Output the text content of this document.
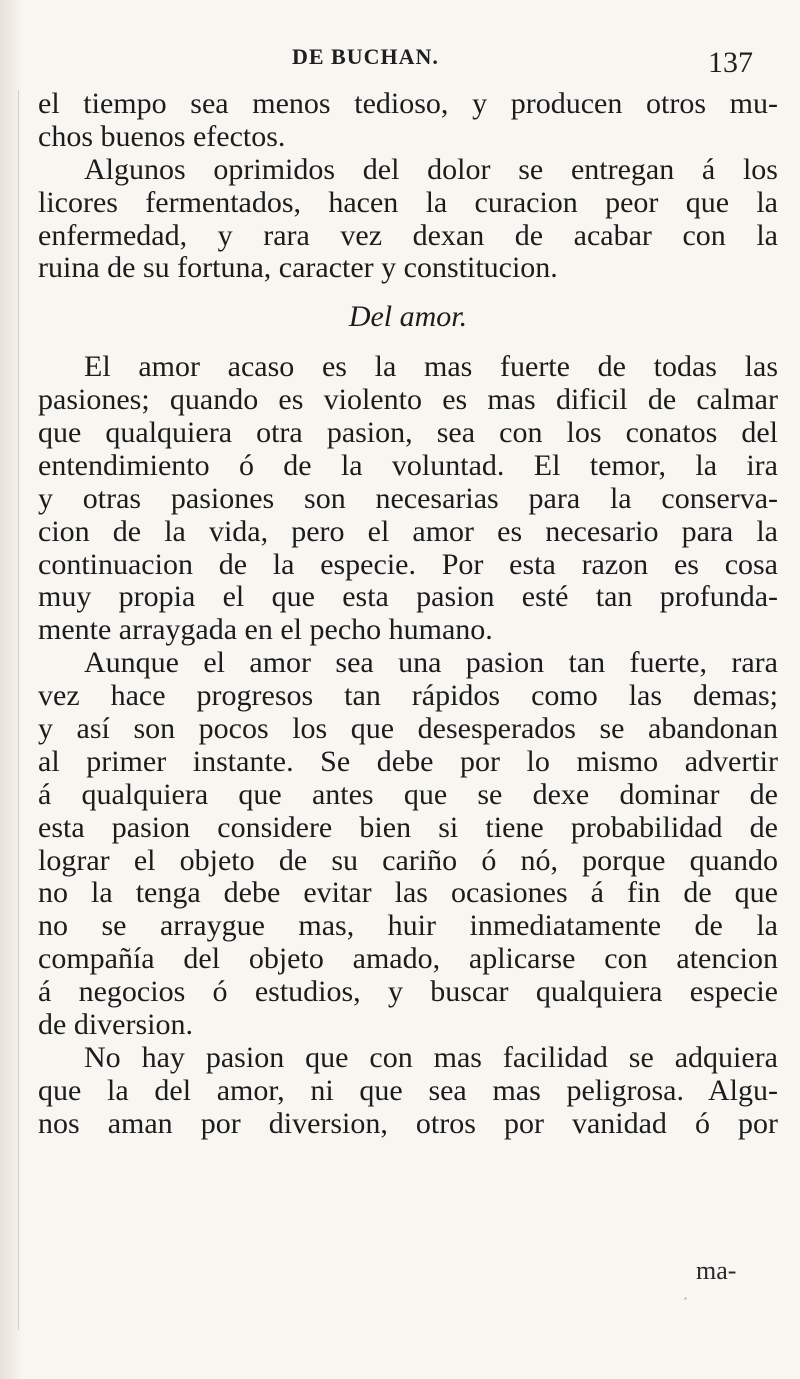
DE BUCHAN.	137
el tiempo sea menos tedioso, y producen otros mu-
chos buenos efectos.
Algunos oprimidos del dolor se entregan á los
licores fermentados, hacen la curacion peor que la
enfermedad, y rara vez dexan de acabar con la
ruina de su fortuna, caracter y constitucion.
Del amor.
El amor acaso es la mas fuerte de todas las
pasiones; quando es violento es mas dificil de calmar
que qualquiera otra pasion, sea con los conatos del
entendimiento ó de la voluntad. El temor, la ira
y otras pasiones son necesarias para la conserva-
cion de la vida, pero el amor es necesario para la
continuacion de la especie. Por esta razon es cosa
muy propia el que esta pasion esté tan profunda-
mente arraygada en el pecho humano.
Aunque el amor sea una pasion tan fuerte, rara
vez hace progresos tan rápidos como las demas;
y así son pocos los que desesperados se abandonan
al primer instante. Se debe por lo mismo advertir
á qualquiera que antes que se dexe dominar de
esta pasion considere bien si tiene probabilidad de
lograr el objeto de su cariño ó nó, porque quando
no la tenga debe evitar las ocasiones á fin de que
no se arraygue mas, huir inmediatamente de la
compañía del objeto amado, aplicarse con atencion
á negocios ó estudios, y buscar qualquiera especie
de diversion.
No hay pasion que con mas facilidad se adquiera
que la del amor, ni que sea mas peligrosa. Algu-
nos aman por diversion, otros por vanidad ó por
ma-
ˆ
